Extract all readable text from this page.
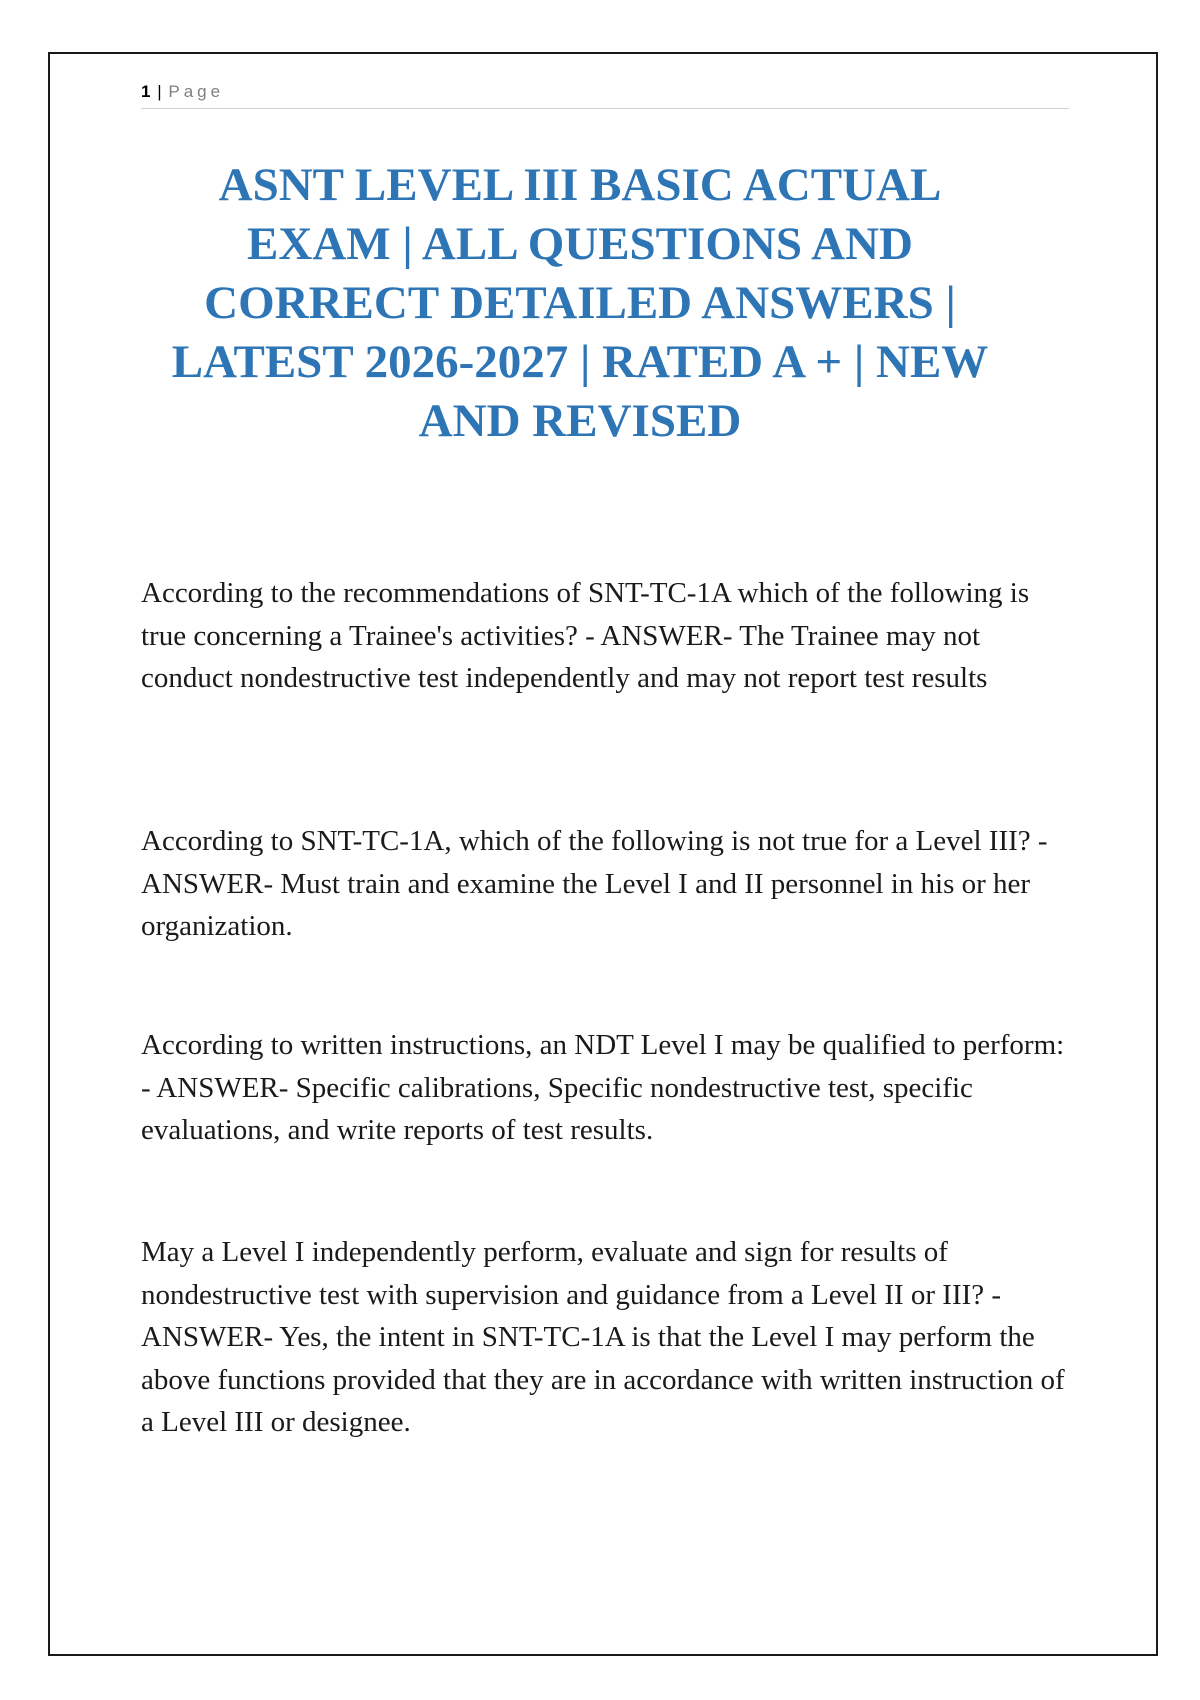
1 | Page
ASNT LEVEL III BASIC ACTUAL EXAM | ALL QUESTIONS AND CORRECT DETAILED ANSWERS | LATEST 2026-2027 | RATED A + | NEW AND REVISED

According to the recommendations of SNT-TC-1A which of the following is true concerning a Trainee's activities? - ANSWER- The Trainee may not conduct nondestructive test independently and may not report test results

According to SNT-TC-1A, which of the following is not true for a Level III? - ANSWER- Must train and examine the Level I and II personnel in his or her organization.

According to written instructions, an NDT Level I may be qualified to perform: - ANSWER- Specific calibrations, Specific nondestructive test, specific evaluations, and write reports of test results.

May a Level I independently perform, evaluate and sign for results of nondestructive test with supervision and guidance from a Level II or III? - ANSWER- Yes, the intent in SNT-TC-1A is that the Level I may perform the above functions provided that they are in accordance with written instruction of a Level III or designee.
